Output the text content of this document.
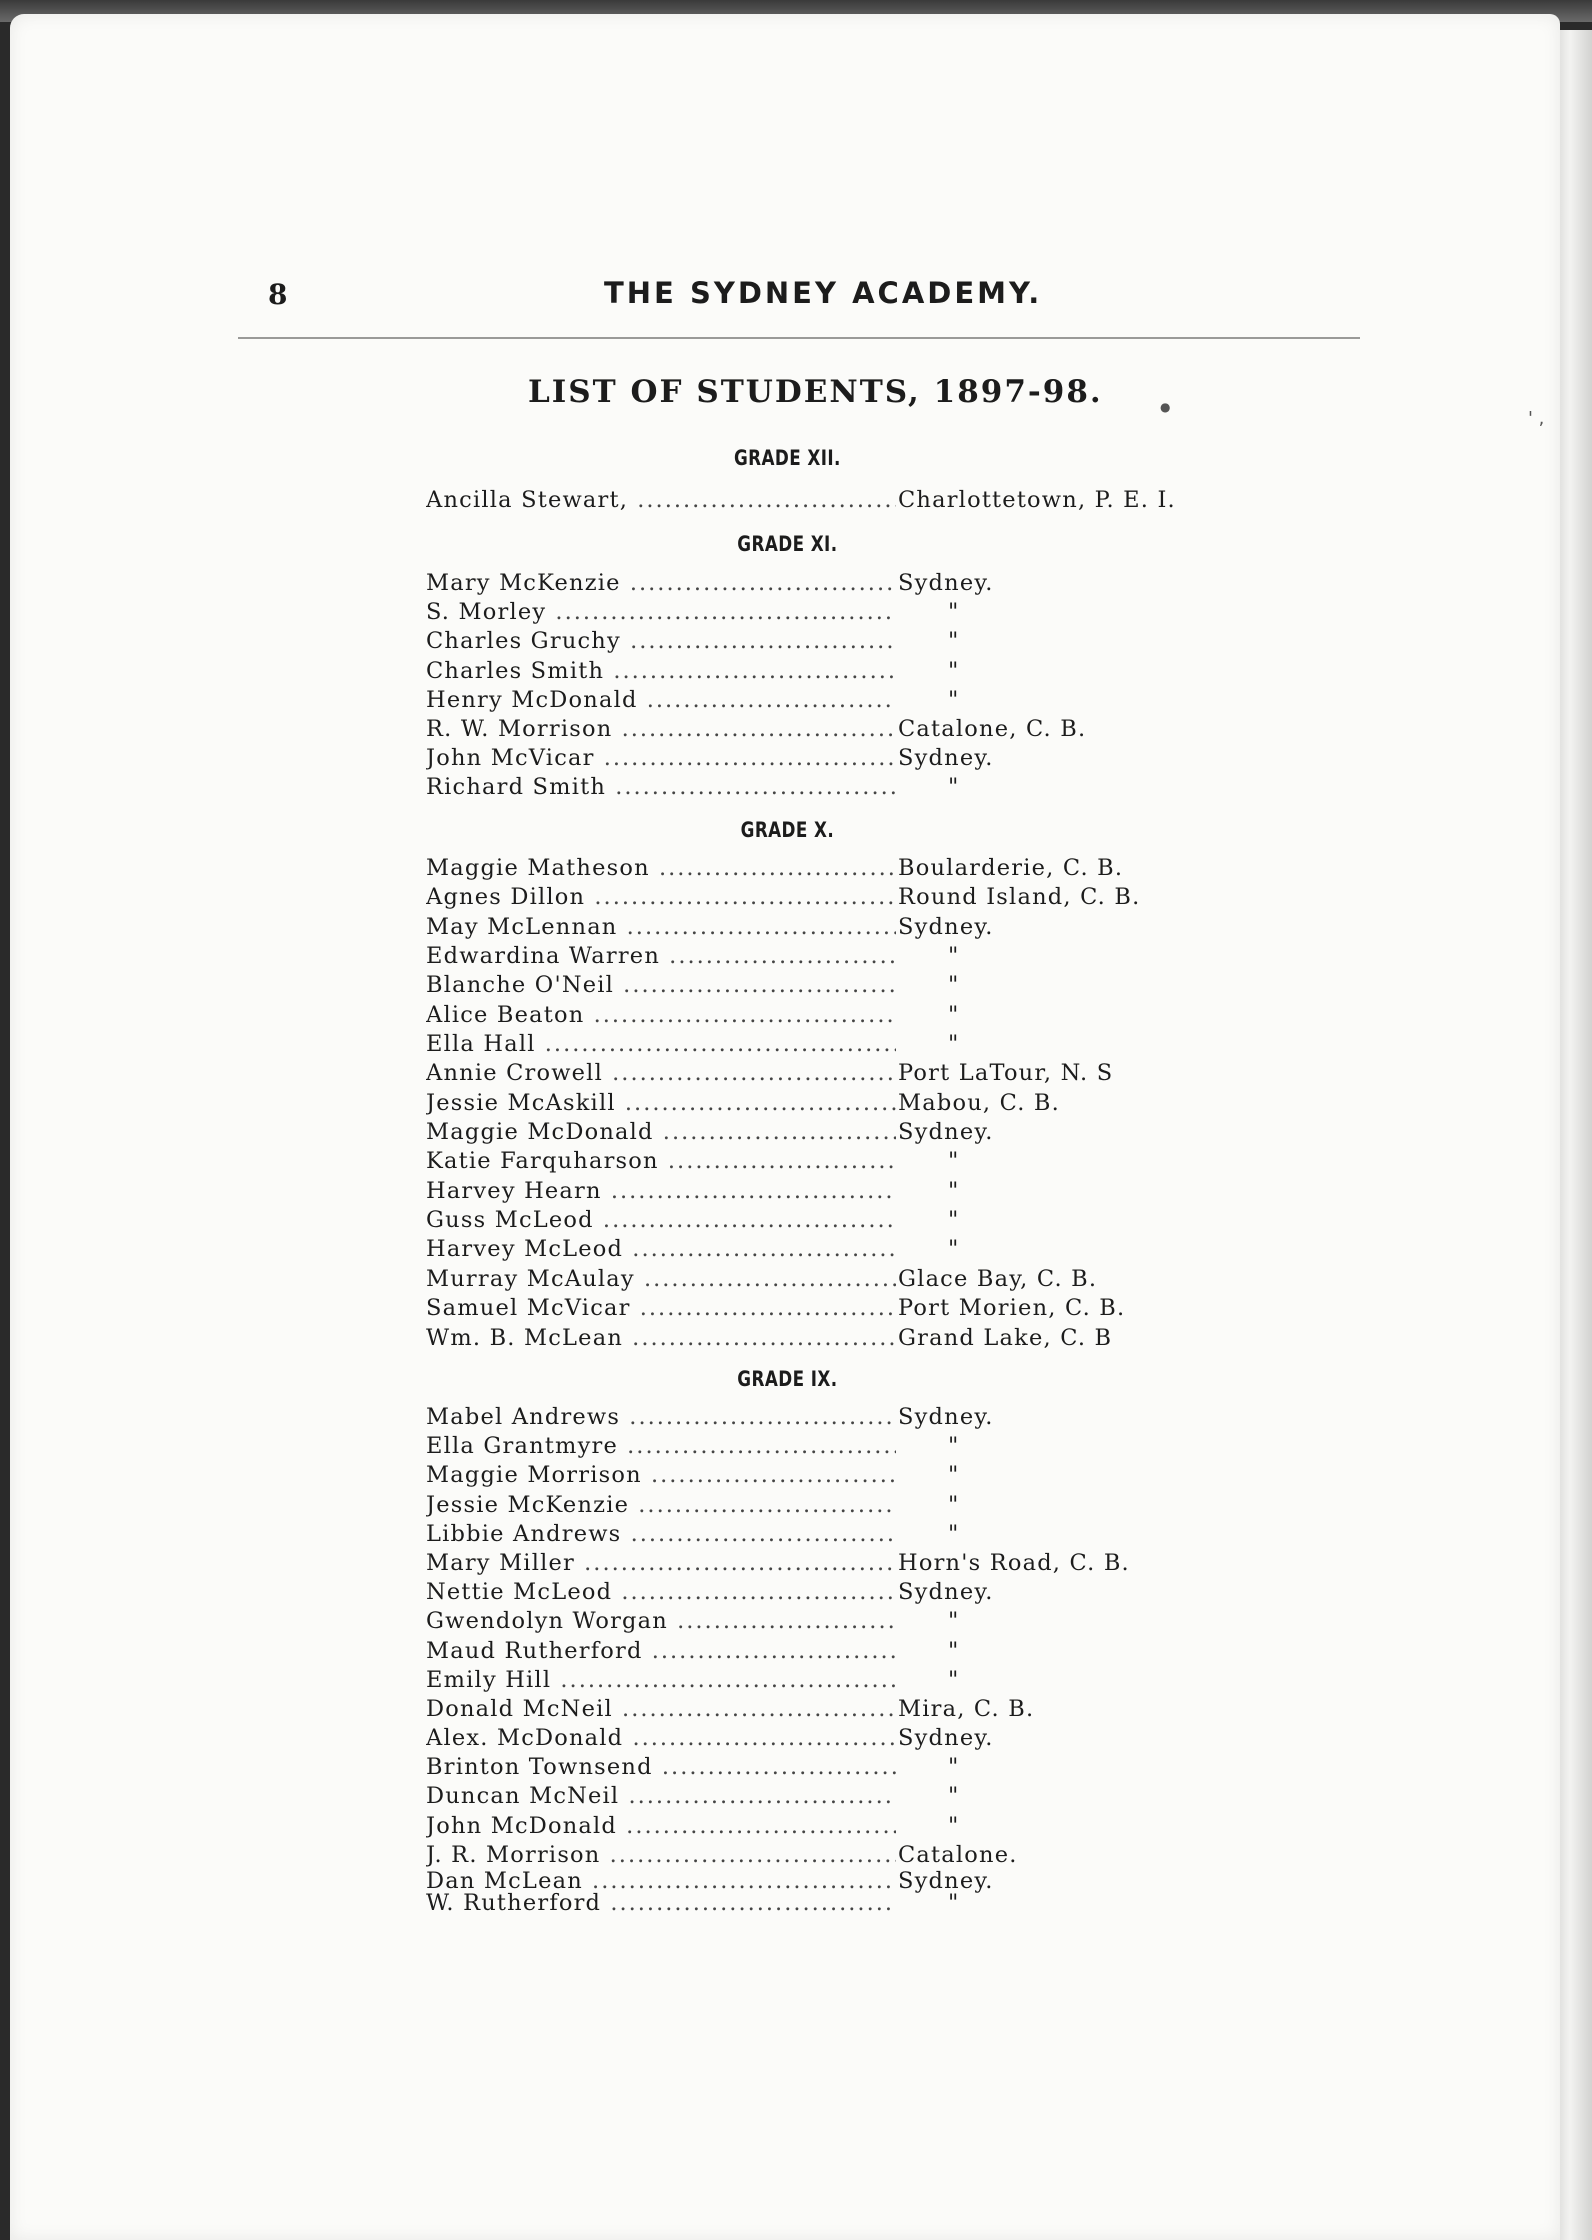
8	THE SYDNEY ACADEMY.
LIST OF STUDENTS, 1897-98.
GRADE XII.
Ancilla Stewart, .....	Charlottetown, P. E. I.
GRADE XI.
Mary McKenzie .....	Sydney.
S. Morley .....	"
Charles Gruchy .....	"
Charles Smith .....	"
Henry McDonald .....	"
R. W. Morrison .....	Catalone, C. B.
John McVicar .....	Sydney.
Richard Smith .....	"
GRADE X.
Maggie Matheson .....	Boularderie, C. B.
Agnes Dillon .....	Round Island, C. B.
May McLennan .....	Sydney.
Edwardina Warren .....	"
Blanche O'Neil .....	"
Alice Beaton .....	"
Ella Hall .....	"
Annie Crowell .....	Port LaTour, N. S
Jessie McAskill .....	Mabou, C. B.
Maggie McDonald .....	Sydney.
Katie Farquharson .....	"
Harvey Hearn .....	"
Guss McLeod .....	"
Harvey McLeod .....	"
Murray McAulay .....	Glace Bay, C. B.
Samuel McVicar .....	Port Morien, C. B.
Wm. B. McLean .....	Grand Lake, C. B
GRADE IX.
Mabel Andrews .....	Sydney.
Ella Grantmyre .....	"
Maggie Morrison .....	"
Jessie McKenzie .....	"
Libbie Andrews .....	"
Mary Miller .....	Horn's Road, C. B.
Nettie McLeod .....	Sydney.
Gwendolyn Worgan .....	"
Maud Rutherford .....	"
Emily Hill .....	"
Donald McNeil .....	Mira, C. B.
Alex. McDonald .....	Sydney.
Brinton Townsend .....	"
Duncan McNeil .....	"
John McDonald .....	"
J. R. Morrison .....	Catalone.
Dan McLean .....	Sydney.
W. Rutherford .....	"
' ,
●
